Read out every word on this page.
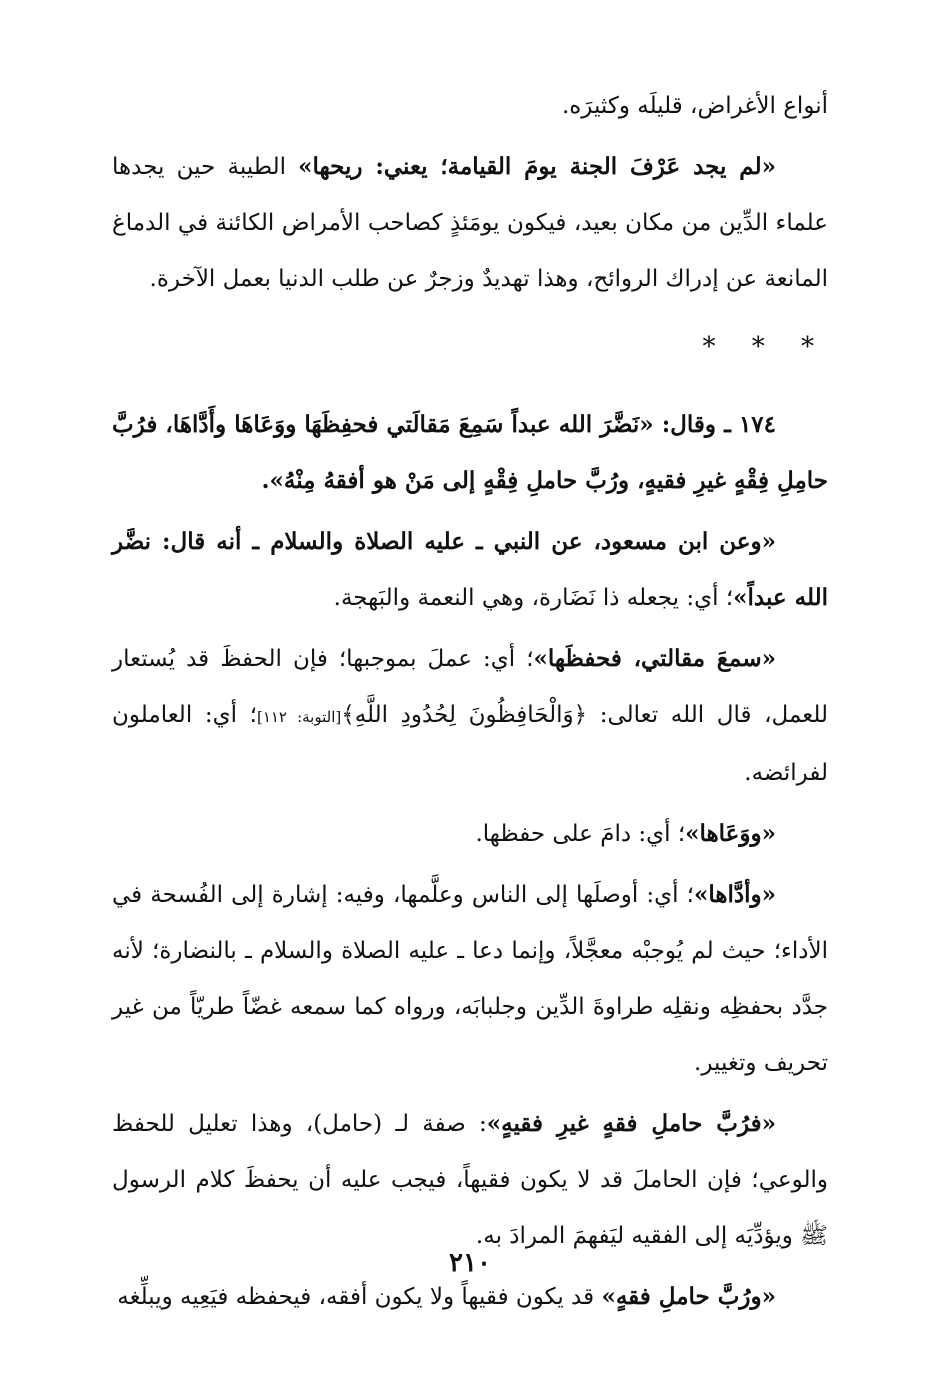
أنواع الأغراض، قليلَه وكثيرَه.

«لم يجد عَرْفَ الجنة يومَ القيامة؛ يعني: ريحها» الطيبة حين يجدها علماء الدِّين من مكان بعيد، فيكون يومَئذٍ كصاحب الأمراض الكائنة في الدماغ المانعة عن إدراك الروائح، وهذا تهديدٌ وزجرٌ عن طلب الدنيا بعمل الآخرة.

* * *

١٧٤ ـ وقال: «نَضَّرَ الله عبداً سَمِعَ مَقالَتي فحفِظَهَا ووَعَاهَا وأَدَّاهَا، فرُبَّ حامِلِ فِقْهٍ غيرِ فقيهٍ، ورُبَّ حاملِ فِقْهٍ إلى مَنْ هو أفقهُ مِنْهُ».

«وعن ابن مسعود، عن النبي ـ عليه الصلاة والسلام ـ أنه قال: نضَّر الله عبداً»؛ أي: يجعله ذا نَضَارة، وهي النعمة والبَهجة.

«سمعَ مقالتي، فحفظَها»؛ أي: عملَ بموجبها؛ فإن الحفظَ قد يُستعار للعمل، قال الله تعالى: ﴿وَالْحَافِظُونَ لِحُدُودِ اللَّهِ﴾[التوبة: ١١٢]؛ أي: العاملون لفرائضه.

«ووَعَاها»؛ أي: دامَ على حفظها.

«وأدَّاها»؛ أي: أوصلَها إلى الناس وعلَّمها، وفيه: إشارة إلى الفُسحة في الأداء؛ حيث لم يُوجبْه معجَّلاً، وإنما دعا ـ عليه الصلاة والسلام ـ بالنضارة؛ لأنه جدَّد بحفظِه ونقلِه طراوةَ الدِّين وجلبابَه، ورواه كما سمعه غضّاً طريّاً من غير تحريف وتغيير.

«فرُبَّ حاملِ فقهٍ غيرِ فقيهٍ»: صفة لـ (حامل)، وهذا تعليل للحفظ والوعي؛ فإن الحاملَ قد لا يكون فقيهاً، فيجب عليه أن يحفظَ كلام الرسول ﷺ ويؤدِّيَه إلى الفقيه ليَفهمَ المرادَ به.

«ورُبَّ حاملِ فقهٍ» قد يكون فقيهاً ولا يكون أفقه، فيحفظه فيَعِيه ويبلِّغه

٢١٠
